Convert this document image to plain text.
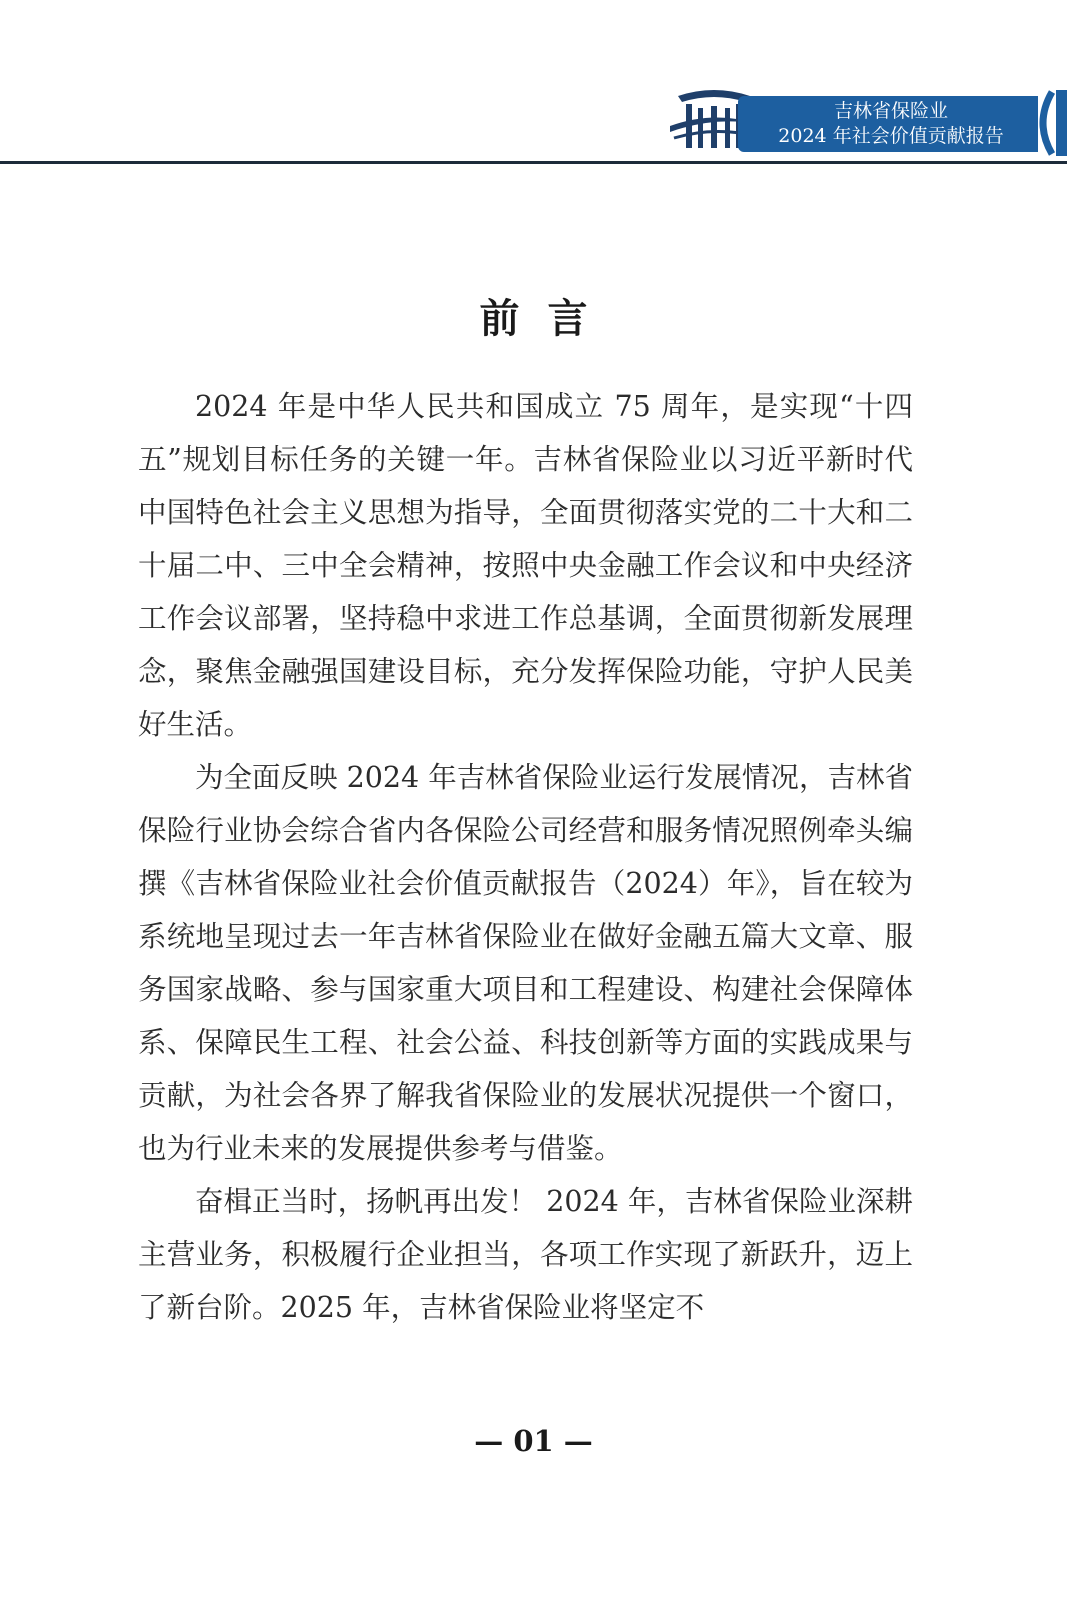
吉林省保险业
2024 年社会价值贡献报告
前言

2024 年是中华人民共和国成立 75 周年，是实现“十四五”规划目标任务的关键一年。吉林省保险业以习近平新时代中国特色社会主义思想为指导，全面贯彻落实党的二十大和二十届二中、三中全会精神，按照中央金融工作会议和中央经济工作会议部署，坚持稳中求进工作总基调，全面贯彻新发展理念，聚焦金融强国建设目标，充分发挥保险功能，守护人民美好生活。

为全面反映 2024 年吉林省保险业运行发展情况，吉林省保险行业协会综合省内各保险公司经营和服务情况照例牵头编撰《吉林省保险业社会价值贡献报告（2024）年》，旨在较为系统地呈现过去一年吉林省保险业在做好金融五篇大文章、服务国家战略、参与国家重大项目和工程建设、构建社会保障体系、保障民生工程、社会公益、科技创新等方面的实践成果与贡献，为社会各界了解我省保险业的发展状况提供一个窗口，也为行业未来的发展提供参考与借鉴。

奋楫正当时，扬帆再出发！ 2024 年，吉林省保险业深耕主营业务，积极履行企业担当，各项工作实现了新跃升，迈上了新台阶。2025 年，吉林省保险业将坚定不

— 01 —
